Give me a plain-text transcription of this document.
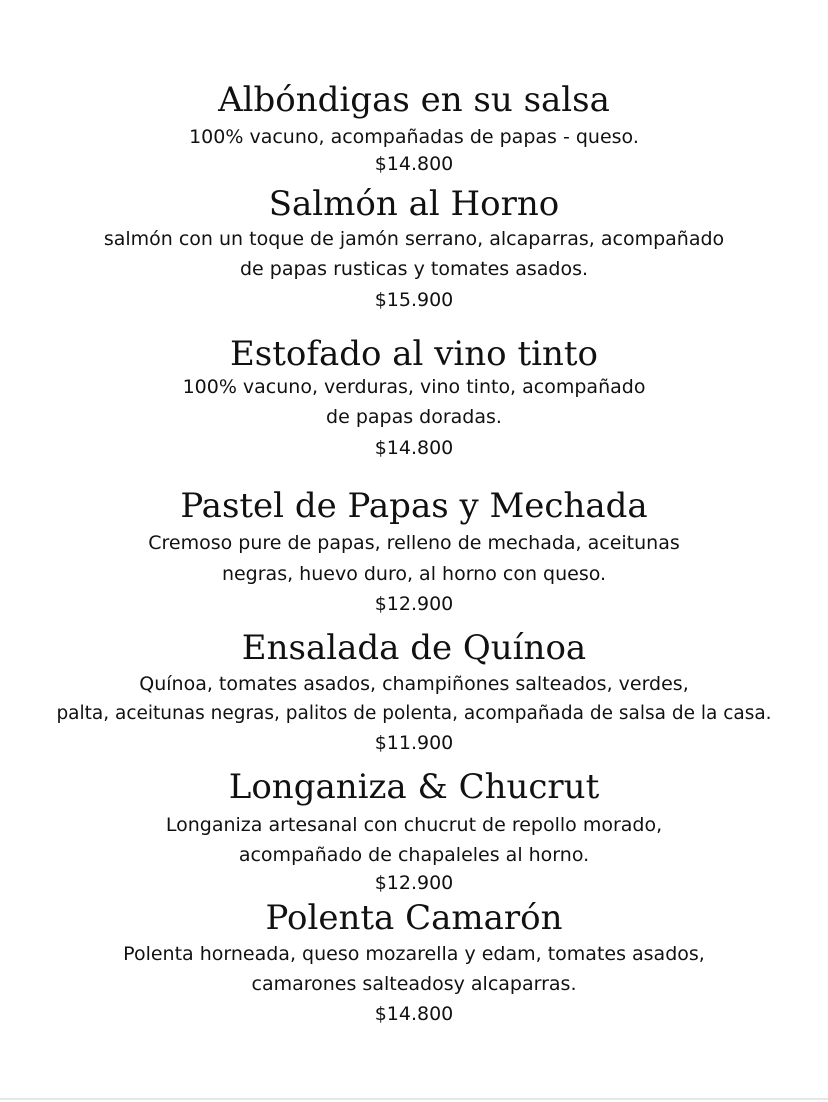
Albóndigas en su salsa
100% vacuno, acompañadas de papas - queso.
$14.800
Salmón al Horno
salmón con un toque de jamón serrano, alcaparras, acompañado
de papas rusticas y tomates asados.
$15.900
Estofado al vino tinto
100% vacuno, verduras, vino tinto, acompañado
de papas doradas.
$14.800
Pastel de Papas y Mechada
Cremoso pure de papas, relleno de mechada, aceitunas
negras, huevo duro, al horno con queso.
$12.900
Ensalada de Quínoa
Quínoa, tomates asados, champiñones salteados, verdes,
palta, aceitunas negras, palitos de polenta, acompañada de salsa de la casa.
$11.900
Longaniza & Chucrut
Longaniza artesanal con chucrut de repollo morado,
acompañado de chapaleles al horno.
$12.900
Polenta Camarón
Polenta horneada, queso mozarella y edam, tomates asados,
camarones salteadosy alcaparras.
$14.800
